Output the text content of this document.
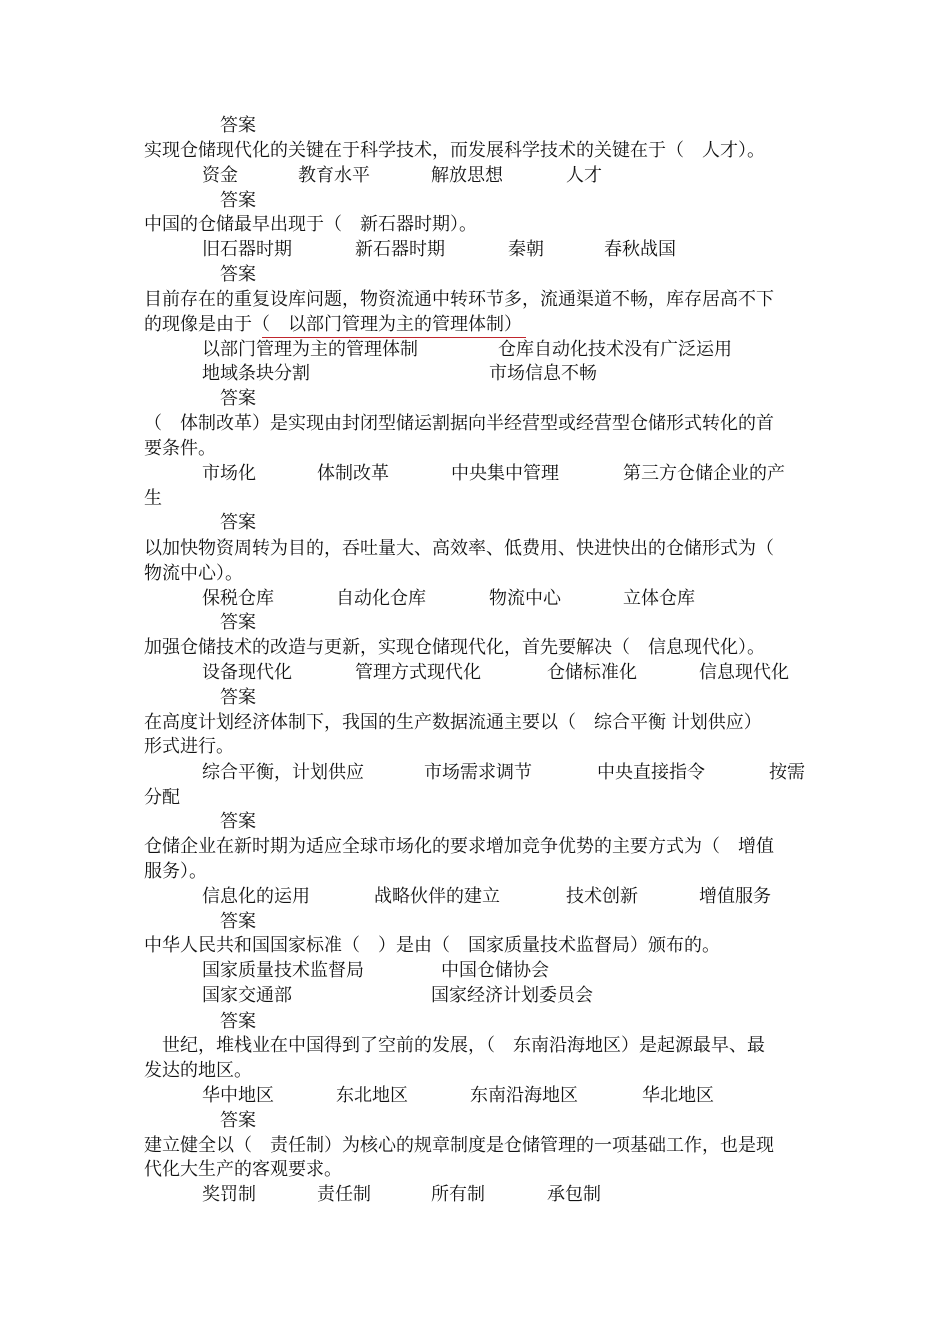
答案
实现仓储现代化的关键在于科学技术，而发展科学技术的关键在于（　人才）。
资金	教育水平	解放思想	人才
答案
中国的仓储最早出现于（　新石器时期）。
旧石器时期	新石器时期	秦朝	春秋战国
答案
目前存在的重复设库问题，物资流通中转环节多，流通渠道不畅，库存居高不下
的现像是由于（　以部门管理为主的管理体制）
以部门管理为主的管理体制	仓库自动化技术没有广泛运用
地域条块分割	市场信息不畅
答案
（　体制改革）是实现由封闭型储运割据向半经营型或经营型仓储形式转化的首
要条件。
市场化	体制改革	中央集中管理	第三方仓储企业的产
生
答案
以加快物资周转为目的，吞吐量大、高效率、低费用、快进快出的仓储形式为（
物流中心）。
保税仓库	自动化仓库	物流中心	立体仓库
答案
加强仓储技术的改造与更新，实现仓储现代化，首先要解决（　信息现代化）。
设备现代化	管理方式现代化	仓储标准化	信息现代化
答案
在高度计划经济体制下，我国的生产数据流通主要以（　综合平衡 计划供应）
形式进行。
综合平衡，计划供应	市场需求调节	中央直接指令	按需
分配
答案
仓储企业在新时期为适应全球市场化的要求增加竞争优势的主要方式为（　增值
服务）。
信息化的运用	战略伙伴的建立	技术创新	增值服务
答案
中华人民共和国国家标准（　）是由（　国家质量技术监督局）颁布的。
国家质量技术监督局	中国仓储协会
国家交通部	国家经济计划委员会
答案
　世纪，堆栈业在中国得到了空前的发展，（　东南沿海地区）是起源最早、最
发达的地区。
华中地区	东北地区	东南沿海地区	华北地区
答案
建立健全以（　责任制）为核心的规章制度是仓储管理的一项基础工作，也是现
代化大生产的客观要求。
奖罚制	责任制	所有制	承包制
